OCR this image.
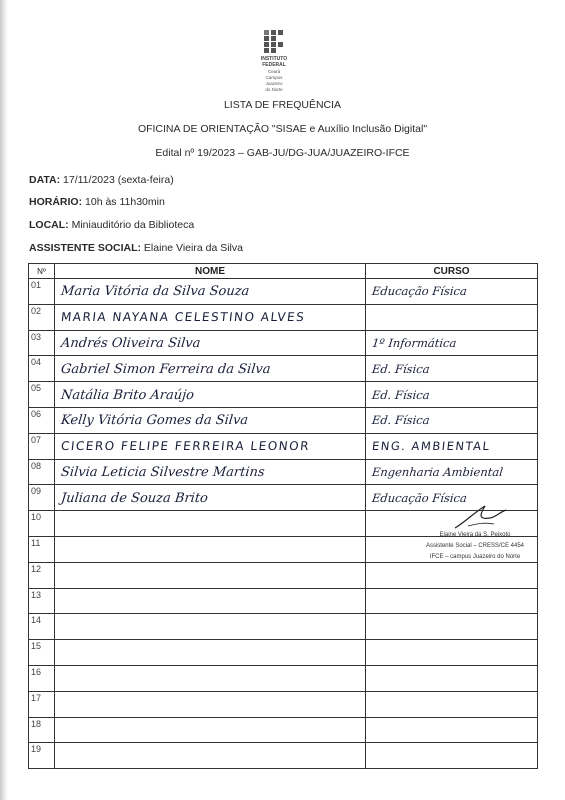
INSTITUTO
FEDERAL
Ceará
Campus
Juazeiro
do Norte
LISTA DE FREQUÊNCIA
OFICINA DE ORIENTAÇÃO "SISAE e Auxílio Inclusão Digital"
Edital nº 19/2023 – GAB-JU/DG-JUA/JUAZEIRO-IFCE
DATA: 17/11/2023 (sexta-feira)
HORÁRIO: 10h às 11h30min
LOCAL: Miniauditório da Biblioteca
ASSISTENTE SOCIAL: Elaine Vieira da Silva
Nº	NOME	CURSO
01	Maria Vitória da Silva Souza	Educação Física
02	MARIA NAYANA CELESTINO ALVES	
03	Andrés Oliveira Silva	1º Informática
04	Gabriel Simon Ferreira da Silva	Ed. Física
05	Natália Brito Araújo	Ed. Física
06	Kelly Vitória Gomes da Silva	Ed. Física
07	CICERO FELIPE FERREIRA LEONOR	ENG. AMBIENTAL
08	Silvia Leticia Silvestre Martins	Engenharia Ambiental
09	Juliana de Souza Brito	Educação Física
10		
11		
12		
13		
14		
15		
16		
17		
18		
19		
Elaine Vieira da S. Peixoto
Assistente Social – CRESS/CE 4454
IFCE – campus Juazeiro do Norte
